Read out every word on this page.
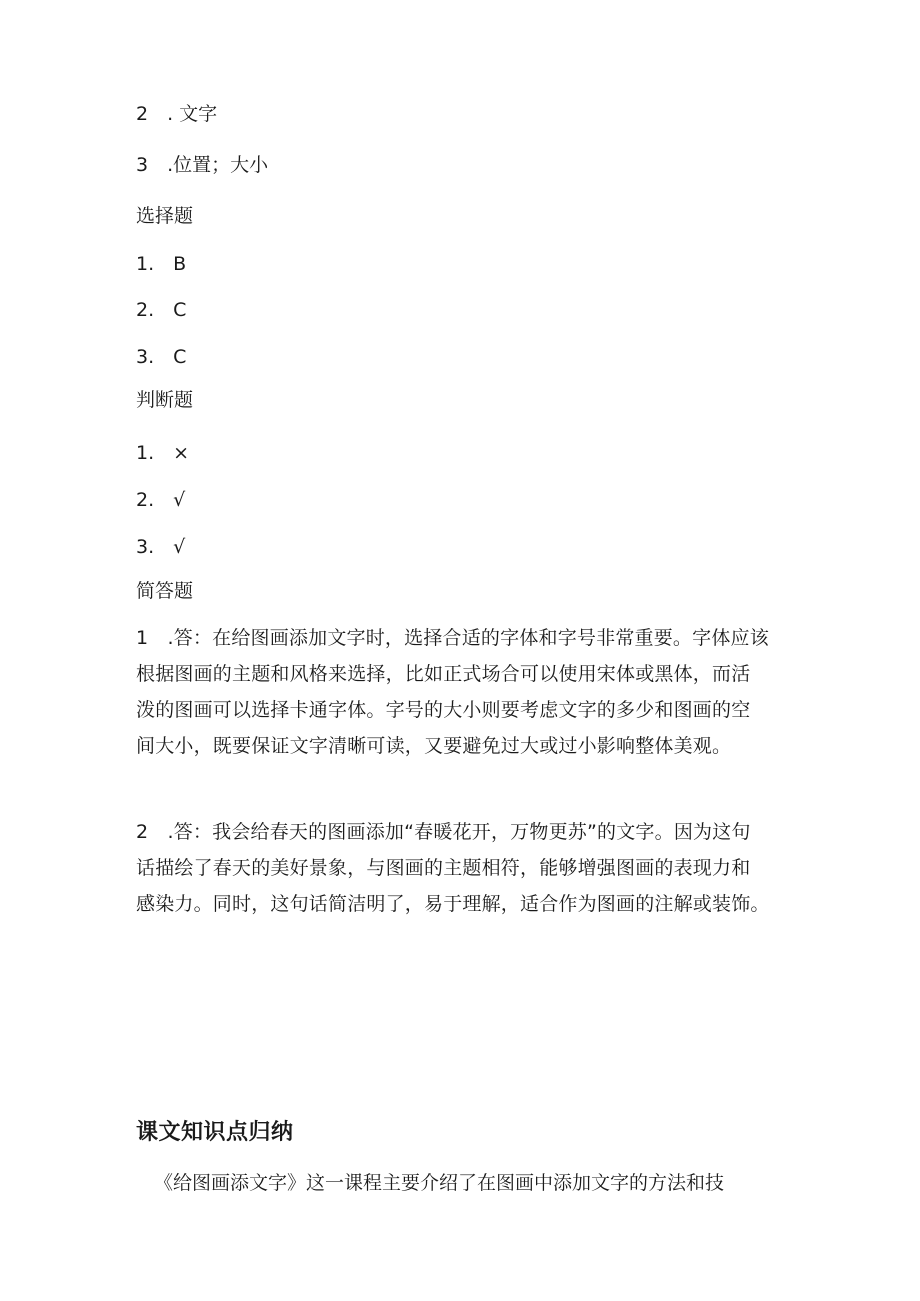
2　. 文字
3　.位置；大小
选择题
1.　B
2.　C
3.　C
判断题
1.　×
2.　√
3.　√
简答题
1　.答：在给图画添加文字时，选择合适的字体和字号非常重要。字体应该
根据图画的主题和风格来选择，比如正式场合可以使用宋体或黑体，而活
泼的图画可以选择卡通字体。字号的大小则要考虑文字的多少和图画的空
间大小，既要保证文字清晰可读，又要避免过大或过小影响整体美观。
2　.答：我会给春天的图画添加“春暖花开，万物更苏”的文字。因为这句
话描绘了春天的美好景象，与图画的主题相符，能够增强图画的表现力和
感染力。同时，这句话简洁明了，易于理解，适合作为图画的注解或装饰。
课文知识点归纳
《给图画添文字》这一课程主要介绍了在图画中添加文字的方法和技
